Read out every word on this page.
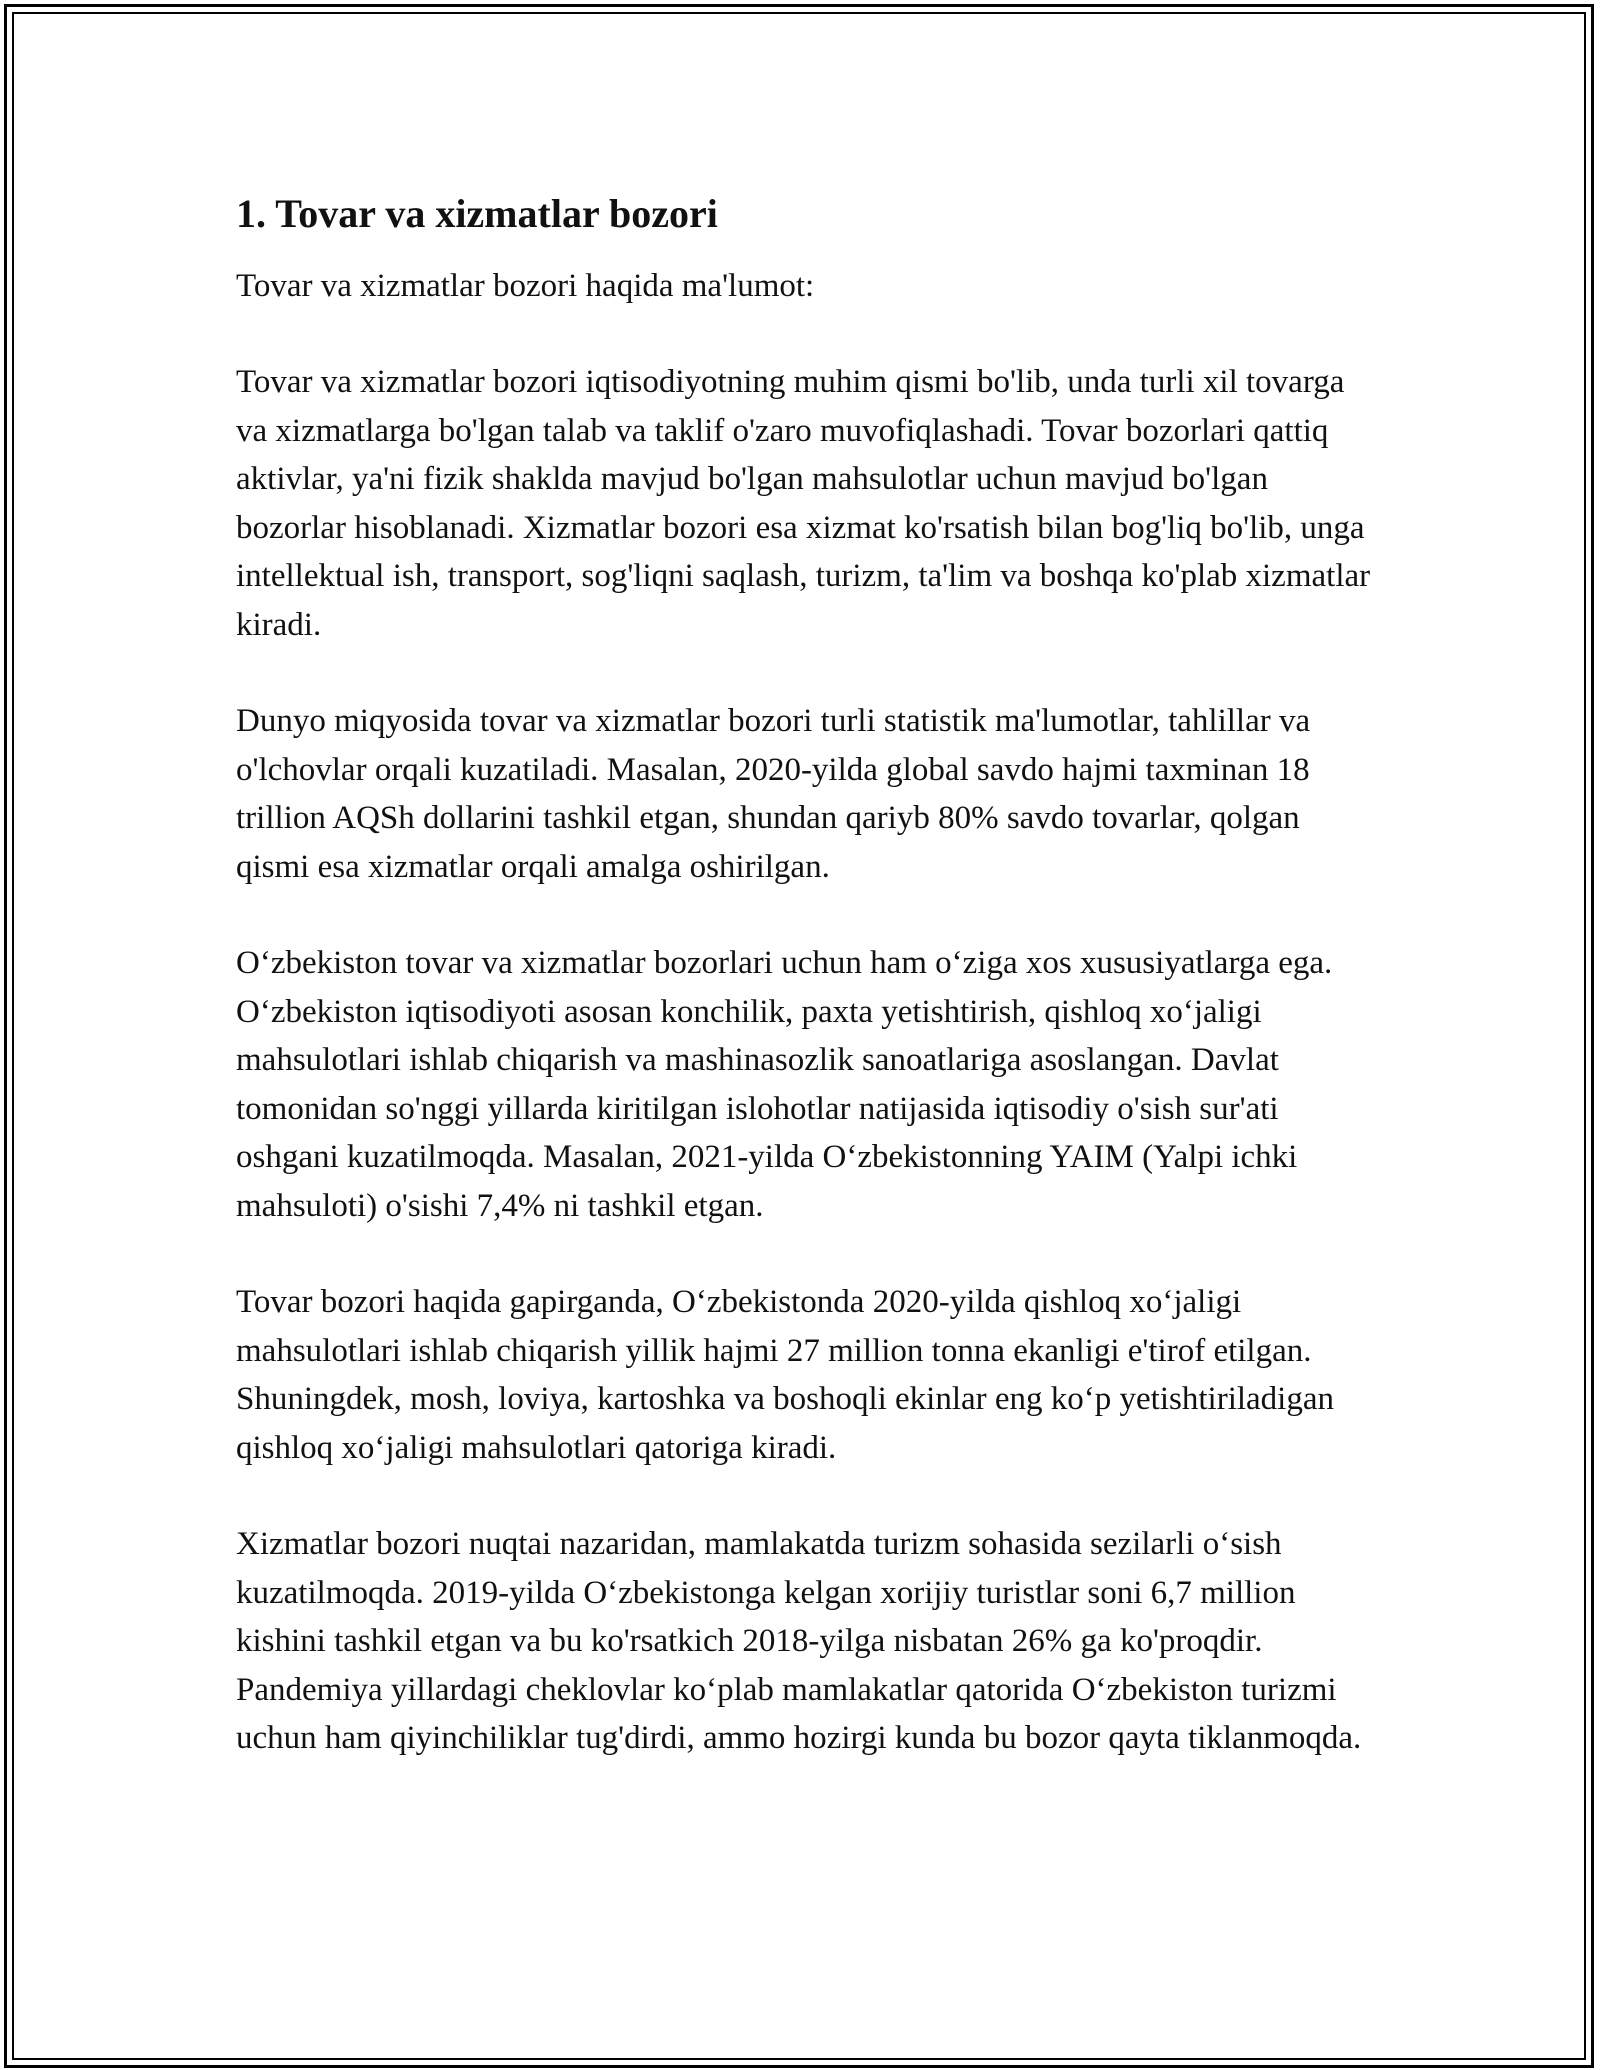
1. Tovar va xizmatlar bozori

Tovar va xizmatlar bozori haqida ma'lumot:

Tovar va xizmatlar bozori iqtisodiyotning muhim qismi bo'lib, unda turli xil tovarga va xizmatlarga bo'lgan talab va taklif o'zaro muvofiqlashadi. Tovar bozorlari qattiq aktivlar, ya'ni fizik shaklda mavjud bo'lgan mahsulotlar uchun mavjud bo'lgan bozorlar hisoblanadi. Xizmatlar bozori esa xizmat ko'rsatish bilan bog'liq bo'lib, unga intellektual ish, transport, sog'liqni saqlash, turizm, ta'lim va boshqa ko'plab xizmatlar kiradi.

Dunyo miqyosida tovar va xizmatlar bozori turli statistik ma'lumotlar, tahlillar va o'lchovlar orqali kuzatiladi. Masalan, 2020-yilda global savdo hajmi taxminan 18 trillion AQSh dollarini tashkil etgan, shundan qariyb 80% savdo tovarlar, qolgan qismi esa xizmatlar orqali amalga oshirilgan.

O‘zbekiston tovar va xizmatlar bozorlari uchun ham o‘ziga xos xususiyatlarga ega. O‘zbekiston iqtisodiyoti asosan konchilik, paxta yetishtirish, qishloq xo‘jaligi mahsulotlari ishlab chiqarish va mashinasozlik sanoatlariga asoslangan. Davlat tomonidan so'nggi yillarda kiritilgan islohotlar natijasida iqtisodiy o'sish sur'ati oshgani kuzatilmoqda. Masalan, 2021-yilda O‘zbekistonning YAIM (Yalpi ichki mahsuloti) o'sishi 7,4% ni tashkil etgan.

Tovar bozori haqida gapirganda, O‘zbekistonda 2020-yilda qishloq xo‘jaligi mahsulotlari ishlab chiqarish yillik hajmi 27 million tonna ekanligi e'tirof etilgan. Shuningdek, mosh, loviya, kartoshka va boshoqli ekinlar eng ko‘p yetishtiriladigan qishloq xo‘jaligi mahsulotlari qatoriga kiradi.

Xizmatlar bozori nuqtai nazaridan, mamlakatda turizm sohasida sezilarli o‘sish kuzatilmoqda. 2019-yilda O‘zbekistonga kelgan xorijiy turistlar soni 6,7 million kishini tashkil etgan va bu ko'rsatkich 2018-yilga nisbatan 26% ga ko'proqdir. Pandemiya yillardagi cheklovlar ko‘plab mamlakatlar qatorida O‘zbekiston turizmi uchun ham qiyinchiliklar tug'dirdi, ammo hozirgi kunda bu bozor qayta tiklanmoqda.
